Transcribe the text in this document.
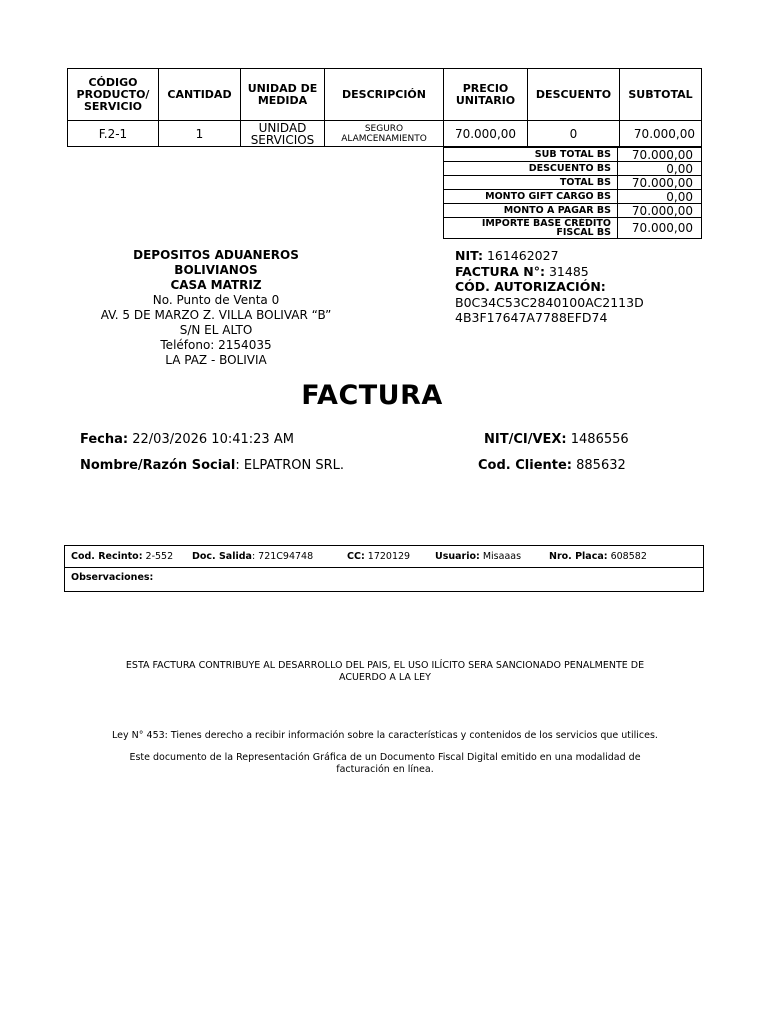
CÓDIGO PRODUCTO/ SERVICIO	CANTIDAD	UNIDAD DE MEDIDA	DESCRIPCIÓN	PRECIO UNITARIO	DESCUENTO	SUBTOTAL
F.2-1	1	UNIDAD SERVICIOS	SEGURO ALAMCENAMIENTO	70.000,00	0	70.000,00
SUB TOTAL BS	70.000,00
DESCUENTO BS	0,00
TOTAL BS	70.000,00
MONTO GIFT CARGO BS	0,00
MONTO A PAGAR BS	70.000,00
IMPORTE BASE CRÉDITO FISCAL BS	70.000,00
DEPOSITOS ADUANEROS
BOLIVIANOS
CASA MATRIZ
No. Punto de Venta 0
AV. 5 DE MARZO Z. VILLA BOLIVAR “B”
S/N EL ALTO
Teléfono: 2154035
LA PAZ - BOLIVIA
NIT: 161462027
FACTURA N°: 31485
CÓD. AUTORIZACIÓN:
B0C34C53C2840100AC2113D
4B3F17647A7788EFD74
FACTURA
Fecha: 22/03/2026 10:41:23 AM	NIT/CI/VEX: 1486556
Nombre/Razón Social: ELPATRON SRL.	Cod. Cliente: 885632
Cod. Recinto: 2-552 Doc. Salida: 721C94748	CC: 1720129	Usuario: Misaaas	Nro. Placa: 608582
Observaciones:
ESTA FACTURA CONTRIBUYE AL DESARROLLO DEL PAIS, EL USO ILÍCITO SERA SANCIONADO PENALMENTE DE
ACUERDO A LA LEY
Ley N° 453: Tienes derecho a recibir información sobre la características y contenidos de los servicios que utilices.
Este documento de la Representación Gráfica de un Documento Fiscal Digital emitido en una modalidad de
facturación en línea.
